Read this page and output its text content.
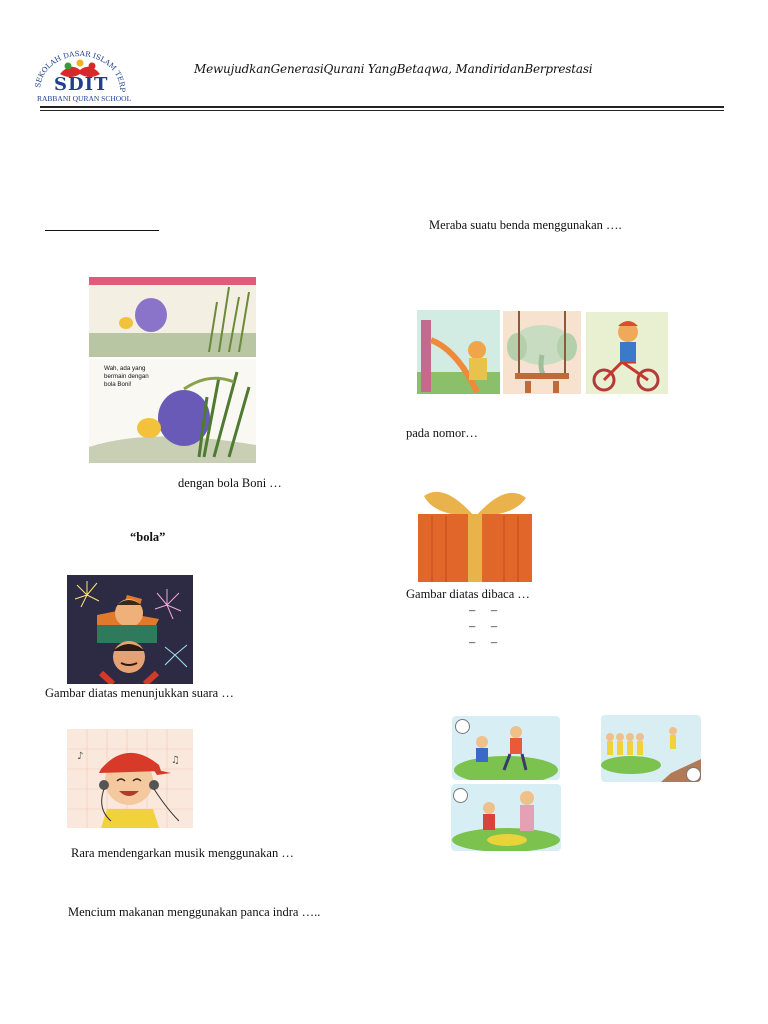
SEKOLAH DASAR ISLAM TERP
SDIT
RABBANI QURAN SCHOOL
MewujudkanGenerasiQurani YangBetaqwa, MandiridanBerprestasi
Wah, ada yang bermain dengan bola Boni!
dengan bola Boni …
“bola”
Gambar diatas menunjukkan suara …
♪	♫
Rara mendengarkan musik menggunakan …
Mencium makanan menggunakan panca indra …..
Meraba suatu benda menggunakan ….
pada nomor…
Gambar diatas dibaca …
–     –
–     –
–     –
